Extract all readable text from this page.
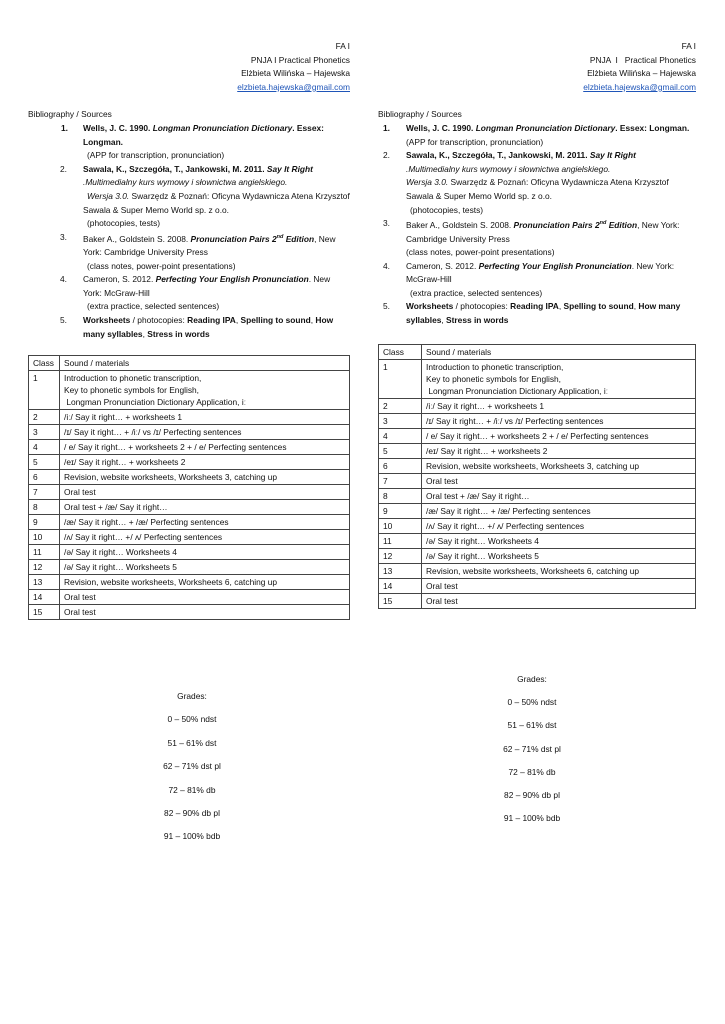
FA I
PNJA I Practical Phonetics
Elżbieta Wilińska – Hajewska
elzbieta.hajewska@gmail.com
Bibliography / Sources
1. Wells, J. C. 1990. Longman Pronunciation Dictionary. Essex: Longman.
(APP for transcription, pronunciation)
2. Sawala, K., Szczegóła, T., Jankowski, M. 2011. Say It Right
.Multimedialny kurs wymowy i słownictwa angielskiego.
Wersja 3.0. Swarzędz & Poznań: Oficyna Wydawnicza Atena Krzysztof Sawala & Super Memo World sp. z o.o.
(photocopies, tests)
3. Baker A., Goldstein S. 2008. Pronunciation Pairs 2nd Edition, New York: Cambridge University Press
(class notes, power-point presentations)
4. Cameron, S. 2012. Perfecting Your English Pronunciation. New York: McGraw-Hill
(extra practice, selected sentences)
5. Worksheets / photocopies: Reading IPA, Spelling to sound, How many syllables, Stress in words
Class	Sound / materials
1	Introduction to phonetic transcription,
Key to phonetic symbols for English,
Longman Pronunciation Dictionary Application, iː

2	/iː/ Say it right… + worksheets 1
3	/ɪ/ Say it right… + /iː/ vs /ɪ/ Perfecting sentences
4	/ e/ Say it right… + worksheets 2 + / e/ Perfecting sentences
5	/eɪ/ Say it right… + worksheets 2
6	Revision, website worksheets, Worksheets 3, catching up
7	Oral test
8	Oral test + /æ/ Say it right…
9	/æ/ Say it right… + /æ/ Perfecting sentences
10	/ʌ/ Say it right… +/ ʌ/ Perfecting sentences
11	/ə/ Say it right… Worksheets 4
12	/ə/ Say it right… Worksheets 5
13	Revision, website worksheets, Worksheets 6, catching up
14	Oral test
15	Oral test
FA I
PNJA  I   Practical Phonetics
Elżbieta Wilińska – Hajewska
elzbieta.hajewska@gmail.com
Bibliography / Sources
1. Wells, J. C. 1990. Longman Pronunciation Dictionary. Essex: Longman.
(APP for transcription, pronunciation)
2. Sawala, K., Szczegóła, T., Jankowski, M. 2011. Say It Right
.Multimedialny kurs wymowy i słownictwa angielskiego.
Wersja 3.0. Swarzędz & Poznań: Oficyna Wydawnicza Atena Krzysztof Sawala & Super Memo World sp. z o.o.
(photocopies, tests)
3. Baker A., Goldstein S. 2008. Pronunciation Pairs 2nd Edition, New York: Cambridge University Press
(class notes, power-point presentations)
4. Cameron, S. 2012. Perfecting Your English Pronunciation. New York: McGraw-Hill
(extra practice, selected sentences)
5. Worksheets / photocopies: Reading IPA, Spelling to sound, How many syllables, Stress in words
Class	Sound / materials
1	Introduction to phonetic transcription,
Key to phonetic symbols for English,
Longman Pronunciation Dictionary Application, iː

2	/iː/ Say it right… + worksheets 1
3	/ɪ/ Say it right… + /iː/ vs /ɪ/ Perfecting sentences
4	/ e/ Say it right… + worksheets 2 + / e/ Perfecting sentences
5	/eɪ/ Say it right… + worksheets 2
6	Revision, website worksheets, Worksheets 3, catching up
7	Oral test
8	Oral test + /æ/ Say it right…
9	/æ/ Say it right… + /æ/ Perfecting sentences
10	/ʌ/ Say it right… +/ ʌ/ Perfecting sentences
11	/ə/ Say it right… Worksheets 4
12	/ə/ Say it right… Worksheets 5
13	Revision, website worksheets, Worksheets 6, catching up
14	Oral test
15	Oral test
Grades:
0 – 50% ndst
51 – 61% dst
62 – 71% dst pl
72 – 81% db
82 – 90% db pl
91 – 100% bdb
Grades:
0 – 50% ndst
51 – 61% dst
62 – 71% dst pl
72 – 81% db
82 – 90% db pl
91 – 100% bdb
